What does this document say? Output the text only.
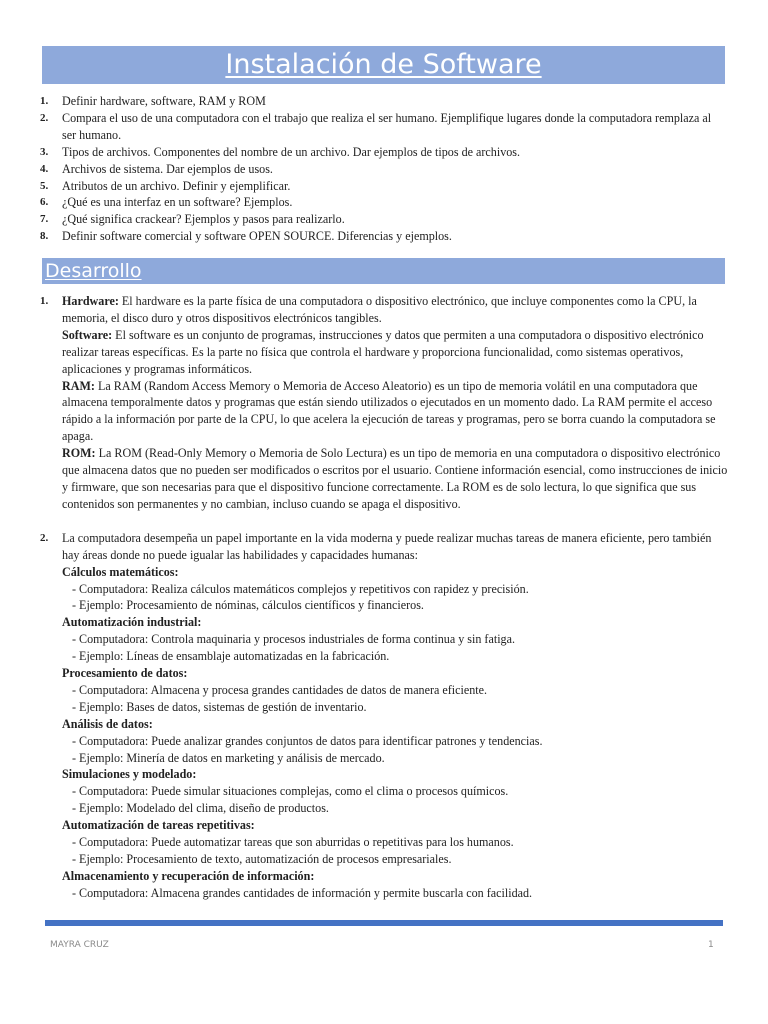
Instalación de Software
1. Definir hardware, software, RAM y ROM
2. Compara el uso de una computadora con el trabajo que realiza el ser humano. Ejemplifique lugares donde la computadora remplaza al ser humano.
3. Tipos de archivos. Componentes del nombre de un archivo. Dar ejemplos de tipos de archivos.
4. Archivos de sistema. Dar ejemplos de usos.
5. Atributos de un archivo. Definir y ejemplificar.
6. ¿Qué es una interfaz en un software? Ejemplos.
7. ¿Qué significa crackear? Ejemplos y pasos para realizarlo.
8. Definir software comercial y software OPEN SOURCE. Diferencias y ejemplos.
Desarrollo
1. Hardware: El hardware es la parte física de una computadora o dispositivo electrónico, que incluye componentes como la CPU, la memoria, el disco duro y otros dispositivos electrónicos tangibles.

Software: El software es un conjunto de programas, instrucciones y datos que permiten a una computadora o dispositivo electrónico realizar tareas específicas. Es la parte no física que controla el hardware y proporciona funcionalidad, como sistemas operativos, aplicaciones y programas informáticos.

RAM: La RAM (Random Access Memory o Memoria de Acceso Aleatorio) es un tipo de memoria volátil en una computadora que almacena temporalmente datos y programas que están siendo utilizados o ejecutados en un momento dado. La RAM permite el acceso rápido a la información por parte de la CPU, lo que acelera la ejecución de tareas y programas, pero se borra cuando la computadora se apaga.

ROM: La ROM (Read-Only Memory o Memoria de Solo Lectura) es un tipo de memoria en una computadora o dispositivo electrónico que almacena datos que no pueden ser modificados o escritos por el usuario. Contiene información esencial, como instrucciones de inicio y firmware, que son necesarias para que el dispositivo funcione correctamente. La ROM es de solo lectura, lo que significa que sus contenidos son permanentes y no cambian, incluso cuando se apaga el dispositivo.

2. La computadora desempeña un papel importante en la vida moderna y puede realizar muchas tareas de manera eficiente, pero también hay áreas donde no puede igualar las habilidades y capacidades humanas:

Cálculos matemáticos:

- Computadora: Realiza cálculos matemáticos complejos y repetitivos con rapidez y precisión.

- Ejemplo: Procesamiento de nóminas, cálculos científicos y financieros.

Automatización industrial:

- Computadora: Controla maquinaria y procesos industriales de forma continua y sin fatiga.

- Ejemplo: Líneas de ensamblaje automatizadas en la fabricación.

Procesamiento de datos:

- Computadora: Almacena y procesa grandes cantidades de datos de manera eficiente.

- Ejemplo: Bases de datos, sistemas de gestión de inventario.

Análisis de datos:

- Computadora: Puede analizar grandes conjuntos de datos para identificar patrones y tendencias.

- Ejemplo: Minería de datos en marketing y análisis de mercado.

Simulaciones y modelado:

- Computadora: Puede simular situaciones complejas, como el clima o procesos químicos.

- Ejemplo: Modelado del clima, diseño de productos.

Automatización de tareas repetitivas:

- Computadora: Puede automatizar tareas que son aburridas o repetitivas para los humanos.

- Ejemplo: Procesamiento de texto, automatización de procesos empresariales.

Almacenamiento y recuperación de información:

- Computadora: Almacena grandes cantidades de información y permite buscarla con facilidad.

MAYRA CRUZ	1
